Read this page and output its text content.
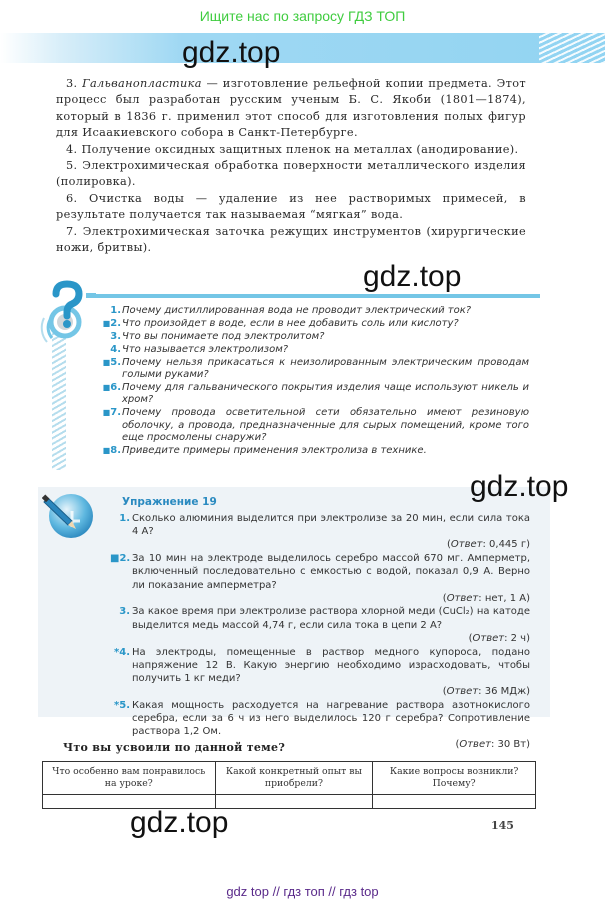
Ищите нас по запросу ГДЗ ТОП
gdz.top

3. Гальванопластика — изготовление рельефной копии предмета. Этот процесс был разработан русским ученым Б. С. Якоби (1801—1874), который в 1836 г. применил этот способ для изготовления полых фигур для Исаакиевского собора в Санкт-Петербурге.

4. Получение оксидных защитных пленок на металлах (анодирование).

5. Электрохимическая обработка поверхности металлического изделия (полировка).

6. Очистка воды — удаление из нее растворимых примесей, в результате получается так называемая “мягкая” вода.

7. Электрохимическая заточка режущих инструментов (хирургические ножи, бритвы).

gdz.top
1. Почему дистиллированная вода не проводит электрический ток?
■2. Что произойдет в воде, если в нее добавить соль или кислоту?
3. Что вы понимаете под электролитом?
4. Что называется электролизом?
■5. Почему нельзя прикасаться к неизолированным электрическим проводам голыми руками?
■6. Почему для гальванического покрытия изделия чаще используют никель и хром?
■7. Почему провода осветительной сети обязательно имеют резиновую оболочку, а провода, предназначенные для сырых помещений, кроме того еще просмолены снаружи?
■8. Приведите примеры применения электролиза в технике.
Упражнение 19	gdz.top
1. Сколько алюминия выделится при электролизе за 20 мин, если сила тока 4 А?
(Ответ: 0,445 г)
■2. За 10 мин на электроде выделилось серебро массой 670 мг. Амперметр, включенный последовательно с емкостью с водой, показал 0,9 А. Верно ли показание амперметра?
(Ответ: нет, 1 А)
3. За какое время при электролизе раствора хлорной меди (CuCl₂) на катоде выделится медь массой 4,74 г, если сила тока в цепи 2 А?
(Ответ: 2 ч)
*4. На электроды, помещенные в раствор медного купороса, подано напряжение 12 В. Какую энергию необходимо израсходовать, чтобы получить 1 кг меди?
(Ответ: 36 МДж)
*5. Какая мощность расходуется на нагревание раствора азотнокислого серебра, если за 6 ч из него выделилось 120 г серебра? Сопротивление раствора 1,2 Ом.
(Ответ: 30 Вт)
Что вы усвоили по данной теме?
Что особенно вам понравилось на уроке?	Какой конкретный опыт вы приобрели?	Какие вопросы возникли? Почему?

gdz.top	145
gdz top // гдз топ // гдз top
